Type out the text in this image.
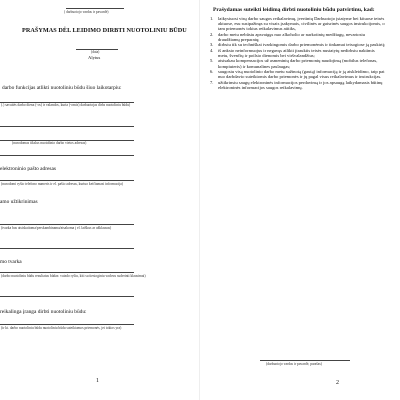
( darbuotojo vardas ir pavardė)
PRAŠYMAS DĖL LEIDIMO DIRBTI NUOTOLINIU BŪDU
(data)
Alytus
darbo funkcijas atlikti nuotoliniu būdu šiuo laikotarpiu:
(.) savaitės darbo diena (-os) ir valandos, kuria (-omis) darbuotojas dirbs nuotoliniu būdu)
(nurodomas tikslus nuotolinio darbo vietos adresas)
elektroninio pašto adresas
(nurodomi ryšio telefono numeris ir el. pašto adresas, kuriuo keičiamasi informacija)
amo užtikrinimas
(tvarka bus atsiskaitoma/perskambinama/atsakoma į el. laiškus ar užklausas)
mo tvarka
(darbo nuotoliniu būdu rezultatus būdas: vaizdo ryšiu, kiti su tiesioginiu vadovu suderinti klausimai)
reikalinga įranga dirbti nuotoliniu būdu:
(ir kt. darbo nuotoliniu būdu nuotoliniu būdu suteikiamos priemonės, jei tokios yra)
1
Prašydamas suteikti leidimą dirbti nuotoliniu būdu patvirtinu, kad:
1. laikysiuosi visų darbo saugos reikalavimų, įvertintų Darbuotojo įstatyme bei kituose teisės aktuose, esu susipažinęs su visais įsakymais, civilinės ar gaisrinės saugos instrukcijomis, o tam priemonės tokius reikalavimus atitiks,
2. darbo metu nebūsiu apsvaigęs nuo alkoholio ar narkotinių medžiagų, nevartosiu draudžiamų preparatų;
3. dirbsiu tik su techniškai tvarkingomis darbo priemonėmis ir tinkamai teisogiose ją paskirtį;
4. iš anksto neinformuojus ir negavęs atlikti įtrauktis teisės nustatytų nedirbsiu naktimis metu, švenčių ir poilsio dienomis bei viršvalandžius;
5. atsisakau kompensacijos už asmeninių darbo priemonių naudojimą (mobilus telefonas, kompiuteris) ir komunalines paslaugas;
6. saugosiu visą nuotolinio darbo metu sužinotą (gautą) informaciją ir ją atskleidimo, taip pat nuo darbdavio suteiktomis darbo priemonės ir jų pagal visus reikalavimus ir instrukcijas.
7. užtikrinsiu saugų elektroninės informacijos perdavimą ir jos apsaugą laikydamasis būtinų elektroninės informacijos saugos reikalavimų.
(darbuotojo vardas ir pavardė, parašas)
2
